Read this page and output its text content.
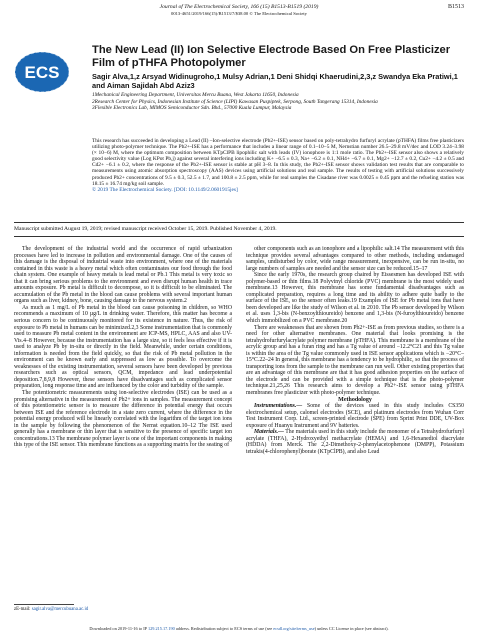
Journal of The Electrochemical Society, 166 (15) B1513-B1519 (2019)
0013-4651/2019/166(15)/B1513/7/$38.00 © The Electrochemical Society
B1513
ECS
The New Lead (II) Ion Selective Electrode Based On Free Plasticizer Film of pTHFA Photopolymer
Sagir Alva,1,z Arsyad Widinugroho,1 Mulsy Adrian,1 Deni Shidqi Khaerudini,2,3,z Swandya Eka Pratiwi,1 and Aiman Sajidah Abd Aziz3
1Mechanical Engineering Department, Universitas Mercu Buana, West Jakarta 11650, Indonesia
2Research Center for Physics, Indonesian Institute of Science (LIPI) Kawasan Puspiptek, Serpong, South Tangerang 15314, Indonesia
3Flexible Electronics Lab, MIMOS Semiconductor Sdn. Bhd., 57000 Kuala Lumpur, Malaysia
This research has succeeded in developing a Lead (II) –Ion-selective electrode (Pb2+-ISE) sensor based on poly-tetrahydro furfuryl acrylate (pTHFA) films free plasticizers utilizing photo-polymer technique. The Pb2+-ISE has a performance that includes a linear range of 0.1–10−5 M, Nernstian number 26.5–29.8 mV/dec and LOD 3.24–3.98 (× 10−6) M, where the optimum composition between KTpClPB lipophilic salt with leads (IV) ionophore is 1:1 mole ratio. The Pb2+-ISE sensor also shows a relatively good selectivity value (Log KPot Pb,j) against several interfering ions including K+ −6.5 ± 0.3, Na+ −6.2 ± 0.1, NH4+ −6.7 ± 0.1, Mg2+ −12.7 ± 0.2, Cu2+ −4.2 ± 0.5 and Cd2+ −6.1 ± 0.2, where the response of the Pb2+-ISE sensor is stable at pH 3–8. In this study, the Pb2+-ISE sensor shows validation test results that are comparable to measurements using atomic absorption spectroscopy (AAS) devices using artificial solutions and real sample. The results of testing with artificial solutions successively produced Pb2+ concentrations of 9.5 ± 0.3, 52.5 ± 1.7, and 100.8 ± 2.5 ppm, while for real samples the Cisadane river was 0.0025 ± 0.45 ppm and the refueling station was 18.15 ± 16.74 mg/kg soil sample.
© 2019 The Electrochemical Society. [DOI: 10.1149/2.0601915jes]
Manuscript submitted August 19, 2019; revised manuscript received October 15, 2019. Published November 4, 2019.

The development of the industrial world and the occurrence of rapid urbanization processes have led to increase in pollution and environmental damage. One of the causes of this damage is the disposal of industrial waste into environment, where one of the materials contained in this waste is a heavy metal which often contaminates our food through the food chain system. One example of heavy metals is lead metal or Pb.1 This metal is very toxic so that it can bring serious problems to the environment and even disrupt human health in trace amounts exposure. Pb metal is difficult to decompose, so it is difficult to be eliminated. The accumulation of the Pb metal in the blood can cause problems with several important human organs such as liver, kidney, bone, causing damage to the nervous system.2

As much as 1 mg/L of Pb metal in the blood can cause poisoning in children, so WHO recommends a maximum of 10 µg/L in drinking water. Therefore, this matter has become a serious concern to be continuously monitored for its existence in nature. Thus, the risk of exposure to Pb metal in humans can be minimized.2,3 Some instrumentation that is commonly used to measure Pb metal content in the environment are ICP-MS, HPLC, AAS and also UV-Vis.4–8 However, because the instrumentation has a large size, so it feels less effective if it is used to analyze Pb by in-situ or directly in the field. Meanwhile, under certain conditions, information is needed from the field quickly, so that the risk of Pb metal pollution in the environment can be known early and suppressed as low as possible. To overcome the weaknesses of the existing instrumentation, several sensors have been developed by previous researchers such as optical sensors, QCM, impedance and lead underpotential deposition.7,8,9,8 However, these sensors have disadvantages such as complicated sensor preparation, long response time and are influenced by the color and turbidity of the sample.

The potentiometric measurements using ion-selective electrodes (ISE) can be used as a promising alternative in the measurement of Pb2+ ions in samples. The measurement concept of this potentiometric sensor is to measure the difference in potential energy that occurs between ISE and the reference electrode in a state zero current, where the difference in the potential energy produced will be linearly correlated with the logarithm of the target ion ions in the sample by following the phenomenon of the Nernst equation.10–12 The ISE used generally has a membrane or thin layer that is sensitive to the presence of specific target ion concentrations.13 The membrane polymer layer is one of the important components in making this type of the ISE sensor. This membrane functions as a supporting matrix for the seating of

other components such as an ionophore and a lipophilic salt.14 The measurement with this technique provides several advantages compared to other methods, including undamaged samples, undisturbed by color, wide range measurement, inexpensive, can be run in-situ, no large numbers of samples are needed and the sensor size can be reduced.15–17

Since the early 1970s, the research group chaired by Eissesmen has developed ISE with polymer-based or thin films.18 Polyvinyl chloride (PVC) membrane is the most widely used membrane.13 However, this membrane has some fundamental disadvantages such as complicated preparation, requires a long time and its ability to adhere quite badly to the surface of the ISE, so the sensor often leaks.19 Examples of ISE for Pb metal ions that have been developed are like the study of Wilson et al. in 2010. The Pb sensor developed by Wilson et al. uses 1,3-bis (N-benzoylthioureido) benzene and 1,3-bis (N-furoylthioureido) benzene which immobilized on a PVC membrane.20

There are weaknesses that are shown from Pb2+-ISE as from previous studies, so there is a need for other alternative membranes. One material that looks promising is the tetrahydrofurfurylacrylate polymer membrane (pTHFA). This membrane is a membrane of the acrylic group and has a furan ring and has a Tg value of around −12.2°C21 and this Tg value is within the area of the Tg value commonly used in ISE sensor applications which is −20°C–15°C.22–24 In general, this membrane has a tendency to be hydrophilic, so that the process of transporting ions from the sample to the membrane can run well. Other existing properties that are an advantage of this membrane are that it has good adhesion properties on the surface of the electrode and can be provided with a simple technique that is the photo-polymer technique.21,25,26 This research aims to develop a Pb2+-ISE sensor using pTHFA membranes free plasticizer with photo-polymer technique.

Methodology

Instrumentations.— Some of the devices used in this study includes CS350 electrochemical setup, calomel electrodes (SCE), and platinum electrodes from Wuhan Corr Test Instrument Corp. Ltd., screen-printed electrode (SPE) from Sprint Print DDE, UV-Box exposure of Huanyu Instrument and 9V batteries.

Materials.— The materials used in this study include the monomer of a Tetrahydrofurfuryl acrylate (THFA), 2-Hydroxyethyl methacrylate (HEMA) and 1,6-Hexanediol diacrylate (HDDA) from Merck. The 2,2-Dimethoxy-2-phenylacetophenone (DMPP), Potassium tetrakis(4-chlorophenyl)borate (KTpClPB), and also Lead

zE-mail: sagir.alva@mercubuana.ac.id
Downloaded on 2019-11-16 to IP 129.215.17.190 address. Redistribution subject to ECS terms of use (see ecsdl.org/site/terms_use) unless CC License in place (see abstract).
